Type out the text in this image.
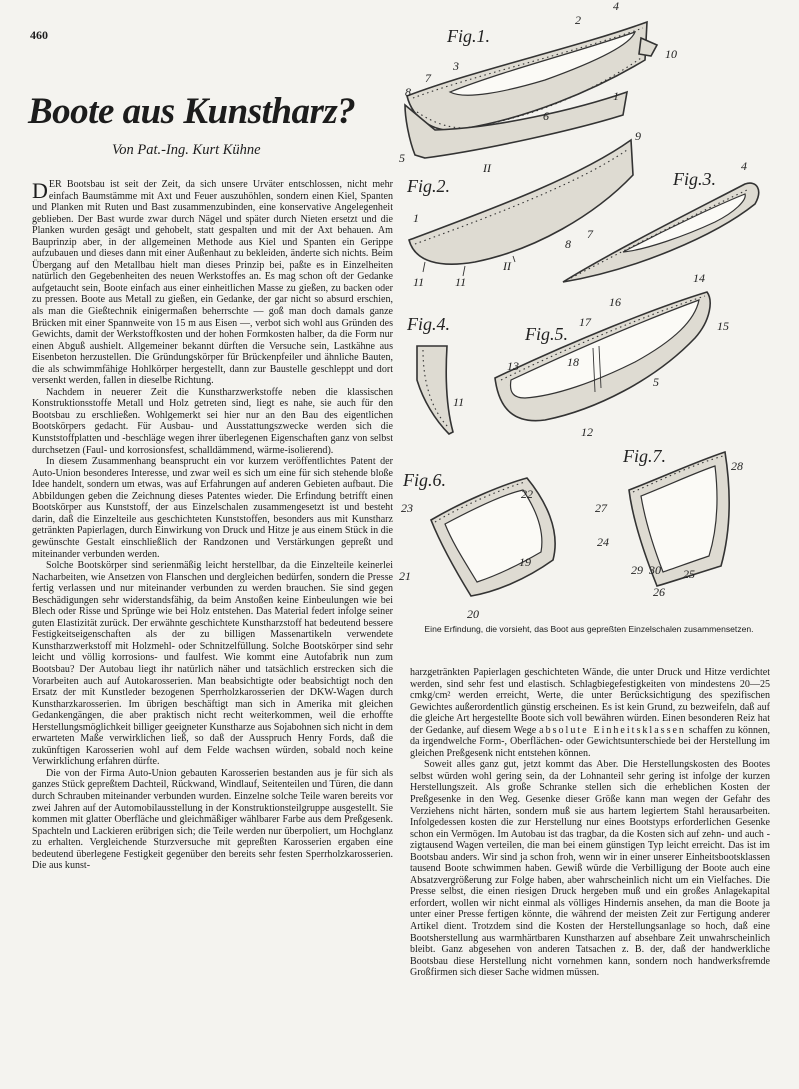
460
Boote aus Kunstharz?
Von Pat.-Ing. Kurt Kühne

DER Bootsbau ist seit der Zeit, da sich unsere Urväter entschlossen, nicht mehr einfach Baumstämme mit Axt und Feuer auszuhöhlen, sondern einen Kiel, Spanten und Planken mit Ruten und Bast zusammenzubinden, eine konservative Angelegenheit geblieben. Der Bast wurde zwar durch Nägel und später durch Nieten ersetzt und die Planken wurden gesägt und gehobelt, statt gespalten und mit der Axt behauen. Am Bauprinzip aber, in der allgemeinen Methode aus Kiel und Spanten ein Gerippe aufzubauen und dieses dann mit einer Außenhaut zu bekleiden, änderte sich nichts. Beim Übergang auf den Metallbau hielt man dieses Prinzip bei, paßte es in Einzelheiten natürlich den Gegebenheiten des neuen Werkstoffes an. Es mag schon oft der Gedanke aufgetaucht sein, Boote einfach aus einer einheitlichen Masse zu gießen, zu backen oder zu pressen. Boote aus Metall zu gießen, ein Gedanke, der gar nicht so absurd erschien, als man die Gießtechnik einigermaßen beherrschte — goß man doch damals ganze Brücken mit einer Spannweite von 15 m aus Eisen —, verbot sich wohl aus Gründen des Gewichts, damit der Werkstoffkosten und der hohen Formkosten halber, da die Form nur einen Abguß aushielt. Allgemeiner bekannt dürften die Versuche sein, Lastkähne aus Eisenbeton herzustellen. Die Gründungskörper für Brückenpfeiler und ähnliche Bauten, die als schwimmfähige Hohlkörper hergestellt, dann zur Baustelle geschleppt und dort versenkt werden, fallen in dieselbe Richtung.

Nachdem in neuerer Zeit die Kunstharzwerkstoffe neben die klassischen Konstruktionsstoffe Metall und Holz getreten sind, liegt es nahe, sie auch für den Bootsbau zu erschließen. Wohlgemerkt sei hier nur an den Bau des eigentlichen Bootskörpers gedacht. Für Ausbau- und Ausstattungszwecke werden sich die Kunststoffplatten und -beschläge wegen ihrer überlegenen Eigenschaften ganz von selbst durchsetzen (Faul- und korrosionsfest, schalldämmend, wärme-isolierend).

In diesem Zusammenhang beansprucht ein vor kurzem veröffentlichtes Patent der Auto-Union besonderes Interesse, und zwar weil es sich um eine für sich stehende bloße Idee handelt, sondern um etwas, was auf Erfahrungen auf anderen Gebieten aufbaut. Die Abbildungen geben die Zeichnung dieses Patentes wieder. Die Erfindung betrifft einen Bootskörper aus Kunststoff, der aus Einzelschalen zusammengesetzt ist und besteht darin, daß die Einzelteile aus geschichteten Kunststoffen, besonders aus mit Kunstharz getränkten Papierlagen, durch Einwirkung von Druck und Hitze je aus einem Stück in die gewünschte Gestalt einschließlich der Randzonen und Verstärkungen gepreßt und miteinander verbunden werden.

Solche Bootskörper sind serienmäßig leicht herstellbar, da die Einzelteile keinerlei Nacharbeiten, wie Ansetzen von Flanschen und dergleichen bedürfen, sondern die Presse fertig verlassen und nur miteinander verbunden zu werden brauchen. Sie sind gegen Beschädigungen sehr widerstandsfähig, da beim Anstoßen keine Einbeulungen wie bei Blech oder Risse und Sprünge wie bei Holz entstehen. Das Material federt infolge seiner guten Elastizität zurück. Der erwähnte geschichtete Kunstharzstoff hat bedeutend bessere Festigkeitseigenschaften als der zu billigen Massenartikeln verwendete Kunstharzwerkstoff mit Holzmehl- oder Schnitzelfüllung. Solche Bootskörper sind sehr leicht und völlig korrosions- und faulfest. Wie kommt eine Autofabrik nun zum Bootsbau? Der Autobau liegt ihr natürlich näher und tatsächlich erstrecken sich die Vorarbeiten auch auf Autokarosserien. Man beabsichtigte oder beabsichtigt noch den Ersatz der mit Kunstleder bezogenen Sperrholzkarosserien der DKW-Wagen durch Kunstharzkarosserien. Im übrigen beschäftigt man sich in Amerika mit gleichen Gedankengängen, die aber praktisch nicht recht weiterkommen, weil die erhoffte Herstellungsmöglichkeit billiger geeigneter Kunstharze aus Sojabohnen sich nicht in dem erwarteten Maße verwirklichen ließ, so daß der Ausspruch Henry Fords, daß die zukünftigen Karosserien wohl auf dem Felde wachsen würden, sobald noch keine Verwirklichung erfahren dürfte.

Die von der Firma Auto-Union gebauten Karosserien bestanden aus je für sich als ganzes Stück gepreßtem Dachteil, Rückwand, Windlauf, Seitenteilen und Türen, die dann durch Schrauben miteinander verbunden wurden. Einzelne solche Teile waren bereits vor zwei Jahren auf der Automobilausstellung in der Konstruktionsteilgruppe ausgestellt. Sie kommen mit glatter Oberfläche und gleichmäßiger wählbarer Farbe aus dem Preßgesenk. Spachteln und Lackieren erübrigen sich; die Teile werden nur überpoliert, um Hochglanz zu erhalten. Vergleichende Sturzversuche mit gepreßten Karosserien ergaben eine bedeutend überlegene Festigkeit gegenüber den bereits sehr festen Sperrholzkarosserien. Die aus kunst-

harzgetränkten Papierlagen geschichteten Wände, die unter Druck und Hitze verdichtet werden, sind sehr fest und elastisch. Schlagbiegefestigkeiten von mindestens 20—25 cmkg/cm² werden erreicht, Werte, die unter Berücksichtigung des spezifischen Gewichtes außerordentlich günstig erscheinen. Es ist kein Grund, zu bezweifeln, daß auf die gleiche Art hergestellte Boote sich voll bewähren würden. Einen besonderen Reiz hat der Gedanke, auf diesem Wege absolute Einheitsklassen schaffen zu können, da irgendwelche Form-, Oberflächen- oder Gewichtsunterschiede bei der Herstellung im gleichen Preßgesenk nicht entstehen können.

Soweit alles ganz gut, jetzt kommt das Aber. Die Herstellungskosten des Bootes selbst würden wohl gering sein, da der Lohnanteil sehr gering ist infolge der kurzen Herstellungszeit. Als große Schranke stellen sich die erheblichen Kosten der Preßgesenke in den Weg. Gesenke dieser Größe kann man wegen der Gefahr des Verziehens nicht härten, sondern muß sie aus hartem legiertem Stahl herausarbeiten. Infolgedessen kosten die zur Herstellung nur eines Bootstyps erforderlichen Gesenke schon ein Vermögen. Im Autobau ist das tragbar, da die Kosten sich auf zehn- und auch -zigtausend Wagen verteilen, die man bei einem günstigen Typ leicht erreicht. Das ist im Bootsbau anders. Wir sind ja schon froh, wenn wir in einer unserer Einheitsbootsklassen tausend Boote schwimmen haben. Gewiß würde die Verbilligung der Boote auch eine Absatzvergrößerung zur Folge haben, aber wahrscheinlich nicht um ein Vielfaches. Die Presse selbst, die einen riesigen Druck hergeben muß und ein großes Anlagekapital erfordert, wollen wir nicht einmal als völliges Hindernis ansehen, da man die Boote ja unter einer Presse fertigen könnte, die während der meisten Zeit zur Fertigung anderer Artikel dient. Trotzdem sind die Kosten der Herstellungsanlage so hoch, daß eine Bootsherstellung aus warmhärtbaren Kunstharzen auf absehbare Zeit unwahrscheinlich bleibt. Ganz abgesehen von anderen Tatsachen z. B. der, daß der handwerkliche Bootsbau diese Herstellung nicht vornehmen kann, sondern noch handwerksfremde Großfirmen sich dieser Sache widmen müssen.

Fig.1.
2
4
3
7
8	1
6
5
10
9
Fig.2.
II
II
1
11	11
Fig.3.
4
7
8
Fig.4.
11
Fig.5.
14
15
16
17
18
13
12
5
Fig.6.
22
23
21
19
20
Fig.7.	28
27
24
29 30 25
26
Eine Erfindung, die vorsieht, das Boot aus gepreßten Einzelschalen zusammensetzen.
